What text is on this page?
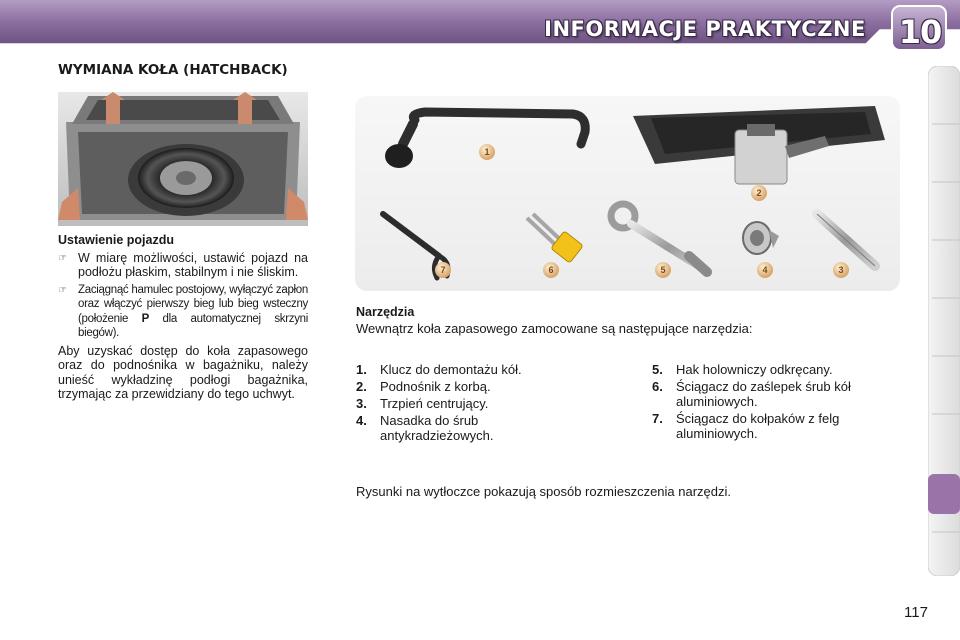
INFORMACJE PRAKTYCZNE 10
WYMIANA KOŁA (HATCHBACK)
Ustawienie pojazdu
☞ W miarę możliwości, ustawić pojazd na podłożu płaskim, stabilnym i nie śliskim.
☞ Zaciągnąć hamulec postojowy, wyłączyć zapłon oraz włączyć pierwszy bieg lub bieg wsteczny (położenie P dla automatycznej skrzyni biegów).
Aby uzyskać dostęp do koła zapasowego oraz do podnośnika w bagażniku, należy unieść wykładzinę podłogi bagażnika, trzymając za przewidziany do tego uchwyt.
1
2
3
4
5
6
7
Narzędzia
Wewnątrz koła zapasowego zamocowane są następujące narzędzia:
1.	Klucz do demontażu kół.
2.	Podnośnik z korbą.
3.	Trzpień centrujący.
4.	Nasadka do śrub antykradzieżowych.
5.	Hak holowniczy odkręcany.
6.	Ściągacz do zaślepek śrub kół aluminiowych.
7.	Ściągacz do kołpaków z felg aluminiowych.
Rysunki na wytłoczce pokazują sposób rozmieszczenia narzędzi.
117
